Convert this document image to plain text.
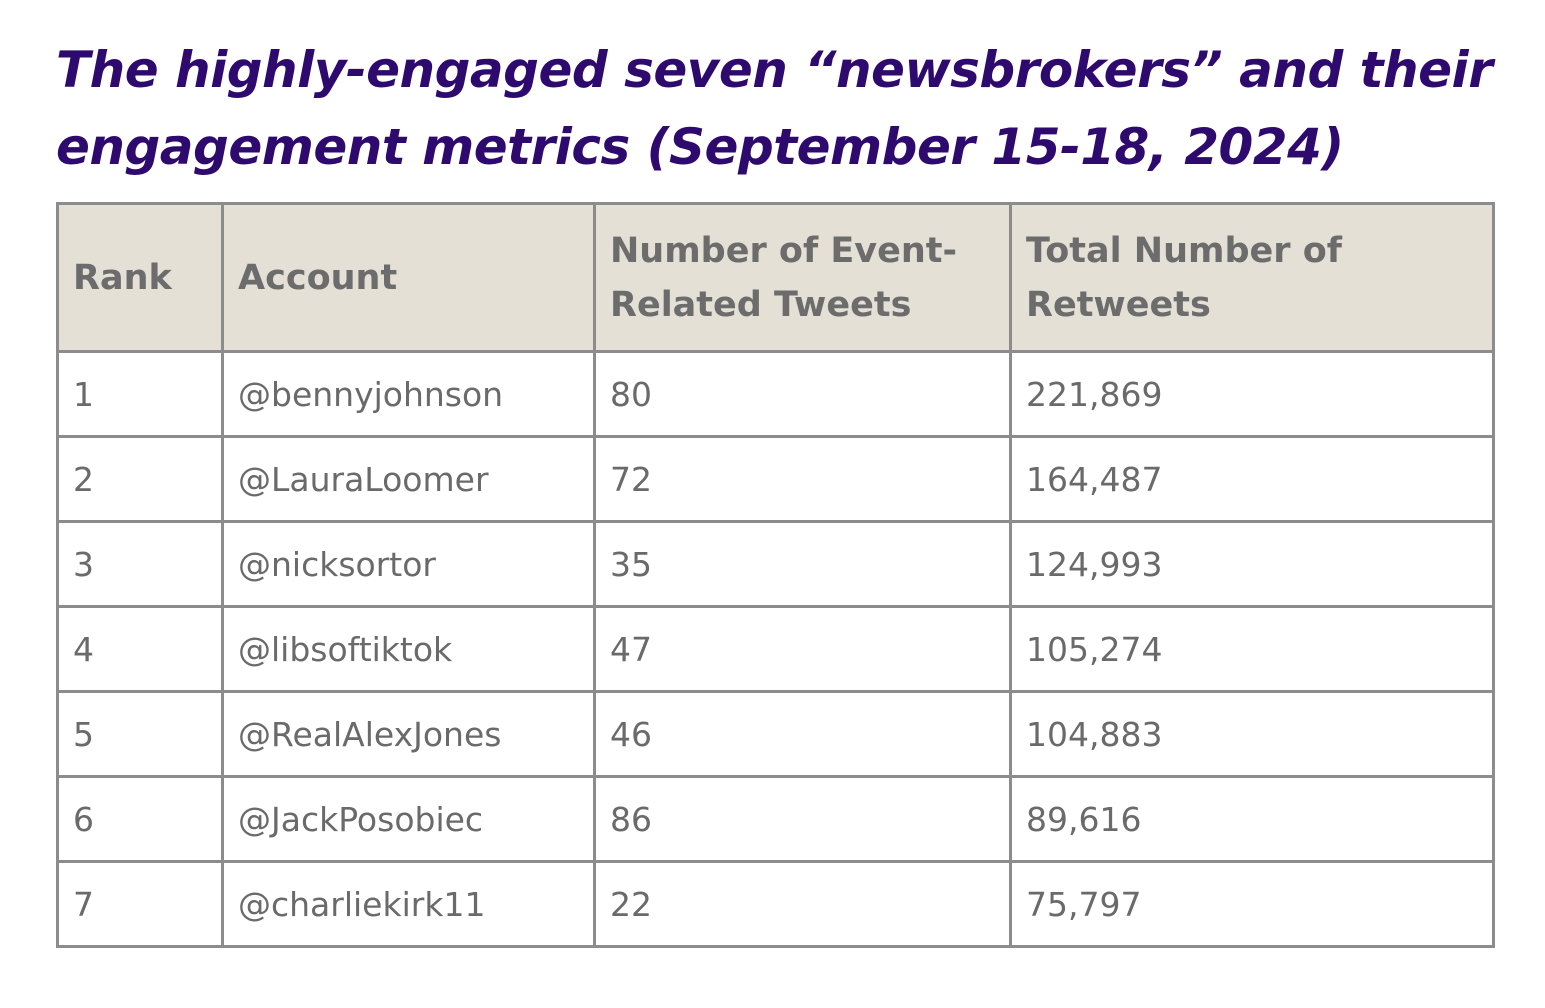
The highly-engaged seven “newsbrokers” and their engagement metrics (September 15-18, 2024)
Rank	Account	Number of Event-Related Tweets	Total Number of Retweets
1	@bennyjohnson	80	221,869
2	@LauraLoomer	72	164,487
3	@nicksortor	35	124,993
4	@libsoftiktok	47	105,274
5	@RealAlexJones	46	104,883
6	@JackPosobiec	86	89,616
7	@charliekirk11	22	75,797
